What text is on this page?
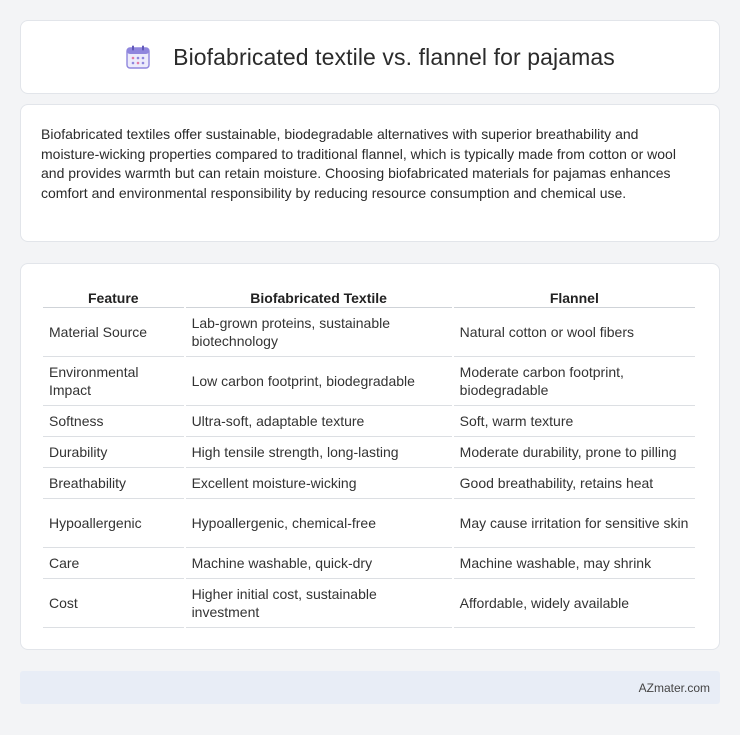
Biofabricated textile vs. flannel for pajamas

Biofabricated textiles offer sustainable, biodegradable alternatives with superior breathability and moisture-wicking properties compared to traditional flannel, which is typically made from cotton or wool and provides warmth but can retain moisture. Choosing biofabricated materials for pajamas enhances comfort and environmental responsibility by reducing resource consumption and chemical use.

Feature	Biofabricated Textile	Flannel
Material Source	Lab-grown proteins, sustainable biotechnology	Natural cotton or wool fibers
Environmental Impact	Low carbon footprint, biodegradable	Moderate carbon footprint, biodegradable
Softness	Ultra-soft, adaptable texture	Soft, warm texture
Durability	High tensile strength, long-lasting	Moderate durability, prone to pilling
Breathability	Excellent moisture-wicking	Good breathability, retains heat
Hypoallergenic	Hypoallergenic, chemical-free	May cause irritation for sensitive skin
Care	Machine washable, quick-dry	Machine washable, may shrink
Cost	Higher initial cost, sustainable investment	Affordable, widely available
AZmater.com
